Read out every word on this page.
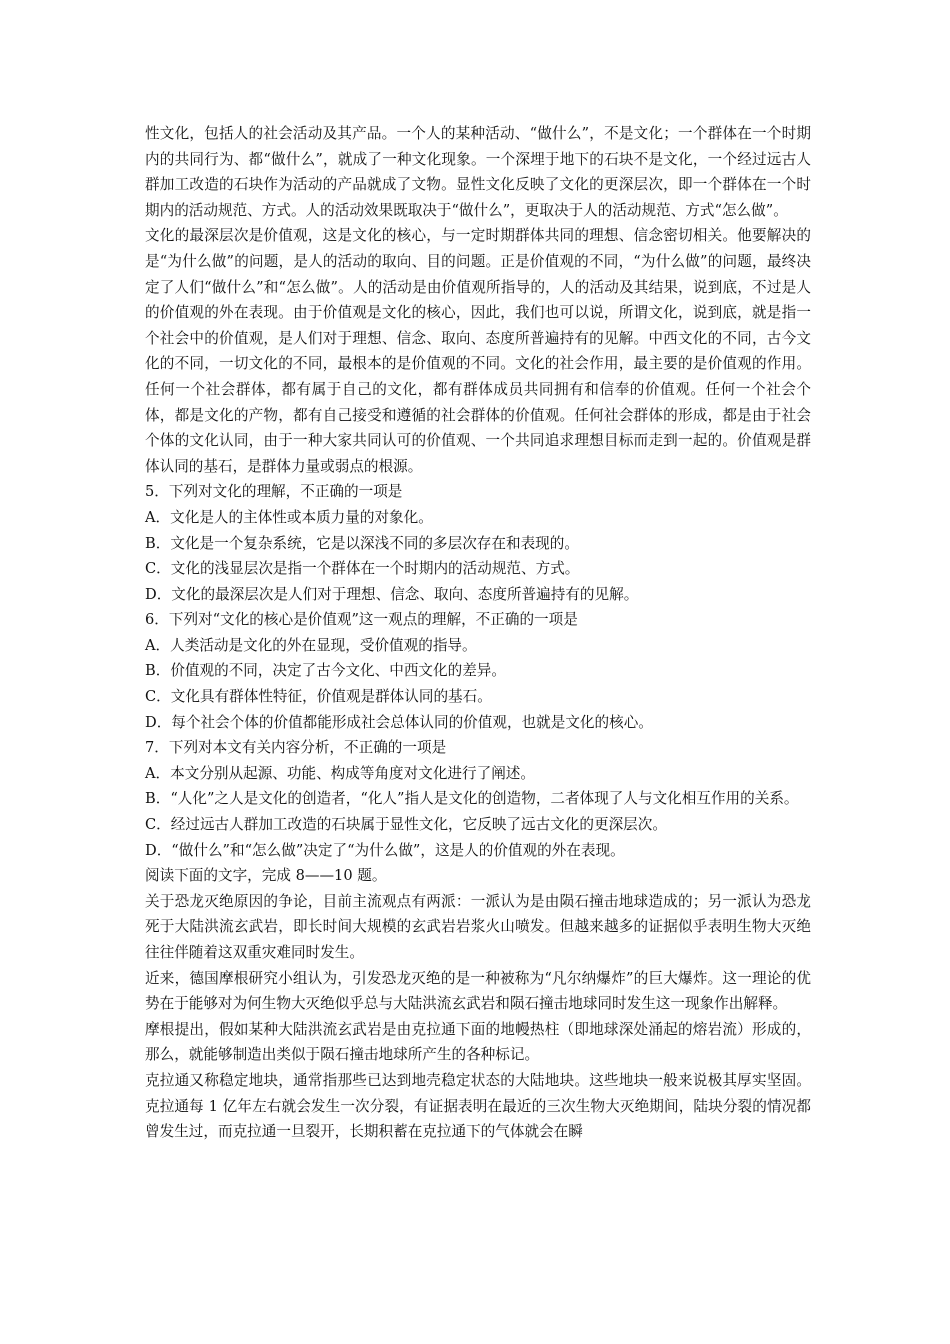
性文化，包括人的社会活动及其产品。一个人的某种活动、“做什么”，不是文化；一个群体在一个时期内的共同行为、都“做什么”，就成了一种文化现象。一个深埋于地下的石块不是文化，一个经过远古人群加工改造的石块作为活动的产品就成了文物。显性文化反映了文化的更深层次，即一个群体在一个时期内的活动规范、方式。人的活动效果既取决于“做什么”，更取决于人的活动规范、方式“怎么做”。

文化的最深层次是价值观，这是文化的核心，与一定时期群体共同的理想、信念密切相关。他要解决的是“为什么做”的问题，是人的活动的取向、目的问题。正是价值观的不同，“为什么做”的问题，最终决定了人们“做什么”和“怎么做”。人的活动是由价值观所指导的，人的活动及其结果，说到底，不过是人的价值观的外在表现。由于价值观是文化的核心，因此，我们也可以说，所谓文化，说到底，就是指一个社会中的价值观，是人们对于理想、信念、取向、态度所普遍持有的见解。中西文化的不同，古今文化的不同，一切文化的不同，最根本的是价值观的不同。文化的社会作用，最主要的是价值观的作用。任何一个社会群体，都有属于自己的文化，都有群体成员共同拥有和信奉的价值观。任何一个社会个体，都是文化的产物，都有自己接受和遵循的社会群体的价值观。任何社会群体的形成，都是由于社会个体的文化认同，由于一种大家共同认可的价值观、一个共同追求理想目标而走到一起的。价值观是群体认同的基石，是群体力量或弱点的根源。

5．下列对文化的理解，不正确的一项是

A．文化是人的主体性或本质力量的对象化。

B．文化是一个复杂系统，它是以深浅不同的多层次存在和表现的。

C．文化的浅显层次是指一个群体在一个时期内的活动规范、方式。

D．文化的最深层次是人们对于理想、信念、取向、态度所普遍持有的见解。

6．下列对“文化的核心是价值观”这一观点的理解，不正确的一项是

A．人类活动是文化的外在显现，受价值观的指导。

B．价值观的不同，决定了古今文化、中西文化的差异。

C．文化具有群体性特征，价值观是群体认同的基石。

D．每个社会个体的价值都能形成社会总体认同的价值观，也就是文化的核心。

7．下列对本文有关内容分析，不正确的一项是

A．本文分别从起源、功能、构成等角度对文化进行了阐述。

B．“人化”之人是文化的创造者，“化人”指人是文化的创造物，二者体现了人与文化相互作用的关系。

C．经过远古人群加工改造的石块属于显性文化，它反映了远古文化的更深层次。

D．“做什么”和“怎么做”决定了“为什么做”，这是人的价值观的外在表现。

阅读下面的文字，完成 8——10 题。

关于恐龙灭绝原因的争论，目前主流观点有两派：一派认为是由陨石撞击地球造成的；另一派认为恐龙死于大陆洪流玄武岩，即长时间大规模的玄武岩岩浆火山喷发。但越来越多的证据似乎表明生物大灭绝往往伴随着这双重灾难同时发生。

近来，德国摩根研究小组认为，引发恐龙灭绝的是一种被称为“凡尔纳爆炸”的巨大爆炸。这一理论的优势在于能够对为何生物大灭绝似乎总与大陆洪流玄武岩和陨石撞击地球同时发生这一现象作出解释。

摩根提出，假如某种大陆洪流玄武岩是由克拉通下面的地幔热柱（即地球深处涌起的熔岩流）形成的，那么，就能够制造出类似于陨石撞击地球所产生的各种标记。

克拉通又称稳定地块，通常指那些已达到地壳稳定状态的大陆地块。这些地块一般来说极其厚实坚固。克拉通每 1 亿年左右就会发生一次分裂，有证据表明在最近的三次生物大灭绝期间，陆块分裂的情况都曾发生过，而克拉通一旦裂开，长期积蓄在克拉通下的气体就会在瞬
